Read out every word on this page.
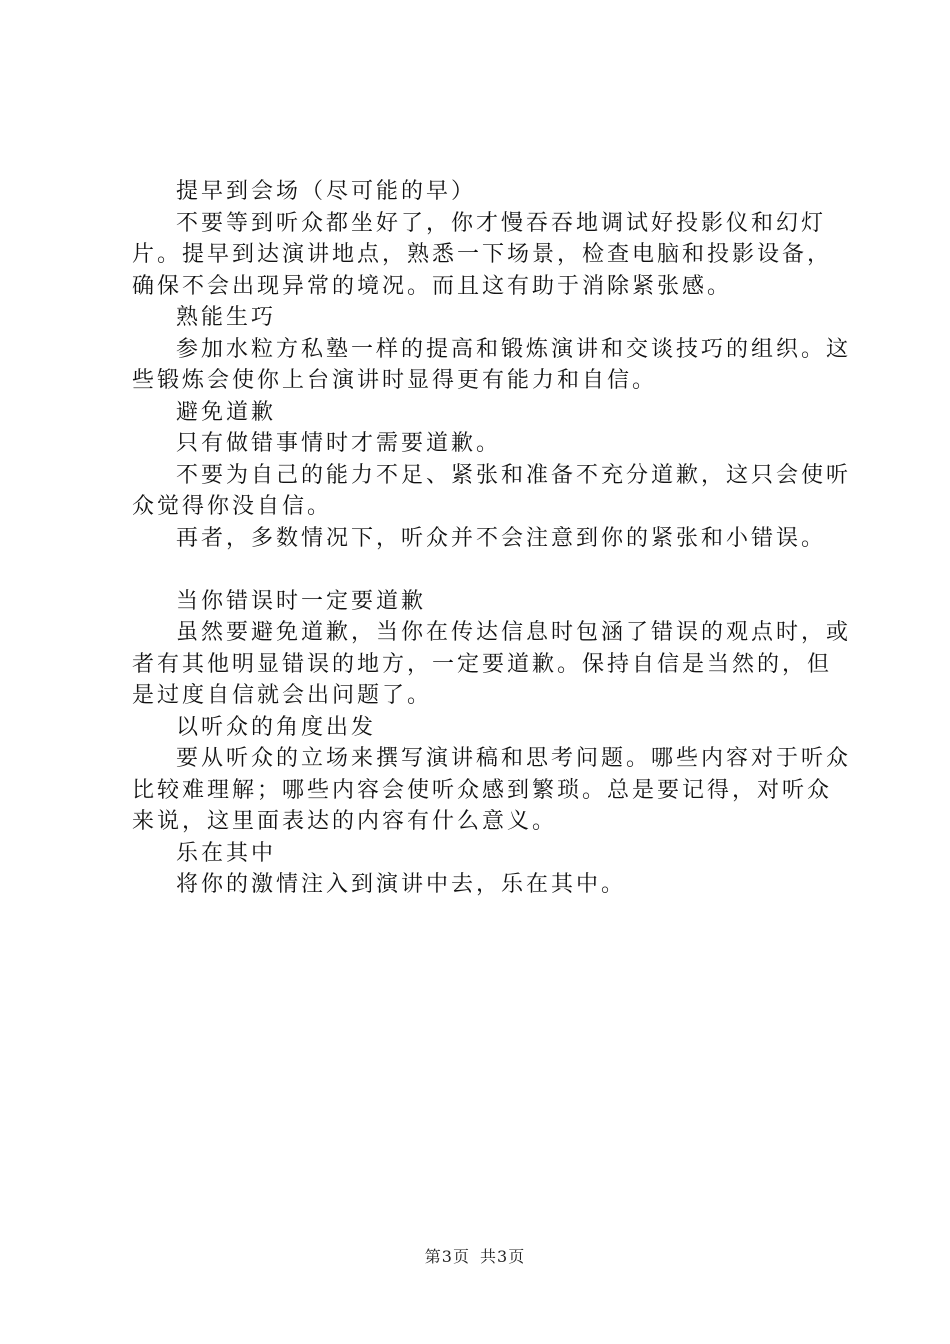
提早到会场（尽可能的早）

不要等到听众都坐好了，你才慢吞吞地调试好投影仪和幻灯片。提早到达演讲地点，熟悉一下场景，检查电脑和投影设备，确保不会出现异常的境况。而且这有助于消除紧张感。

熟能生巧

参加水粒方私塾一样的提高和锻炼演讲和交谈技巧的组织。这些锻炼会使你上台演讲时显得更有能力和自信。

避免道歉

只有做错事情时才需要道歉。

不要为自己的能力不足、紧张和准备不充分道歉，这只会使听众觉得你没自信。

再者，多数情况下，听众并不会注意到你的紧张和小错误。

当你错误时一定要道歉

虽然要避免道歉，当你在传达信息时包涵了错误的观点时，或者有其他明显错误的地方，一定要道歉。保持自信是当然的，但是过度自信就会出问题了。

以听众的角度出发

要从听众的立场来撰写演讲稿和思考问题。哪些内容对于听众比较难理解；哪些内容会使听众感到繁琐。总是要记得，对听众来说，这里面表达的内容有什么意义。

乐在其中

将你的激情注入到演讲中去，乐在其中。

第3页 共3页
